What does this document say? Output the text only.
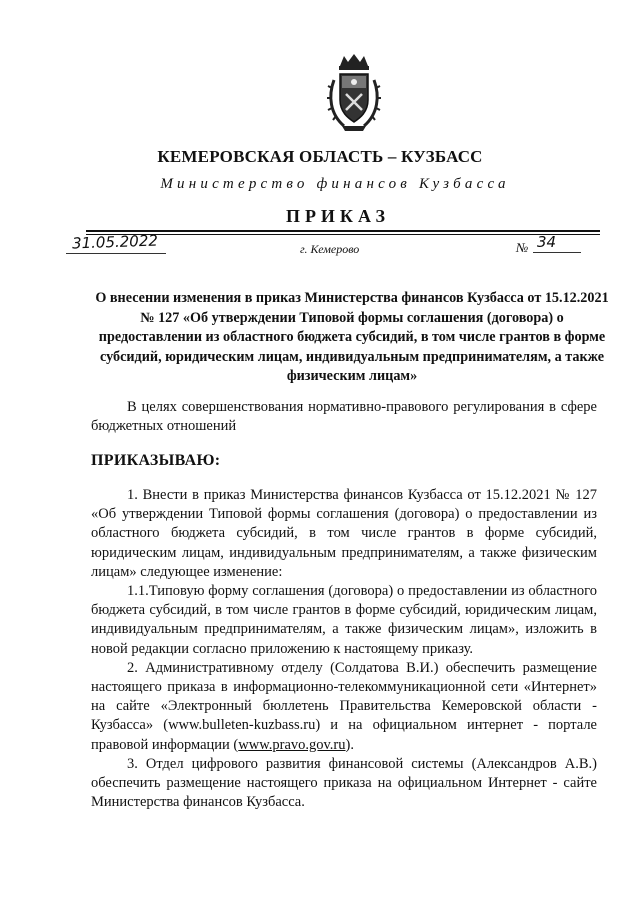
КЕМЕРОВСКАЯ ОБЛАСТЬ – КУЗБАСС
Министерство финансов Кузбасса
ПРИКАЗ
31.05.2022	г. Кемерово	№ 34
О внесении изменения в приказ Министерства финансов Кузбасса от 15.12.2021 № 127 «Об утверждении Типовой формы соглашения (договора) о предоставлении из областного бюджета субсидий, в том числе грантов в форме субсидий, юридическим лицам, индивидуальным предпринимателям, а также физическим лицам»
В целях совершенствования нормативно-правового регулирования в сфере бюджетных отношений
ПРИКАЗЫВАЮ:

1. Внести в приказ Министерства финансов Кузбасса от 15.12.2021 № 127 «Об утверждении Типовой формы соглашения (договора) о предоставлении из областного бюджета субсидий, в том числе грантов в форме субсидий, юридическим лицам, индивидуальным предпринимателям, а также физическим лицам» следующее изменение:

1.1.Типовую форму соглашения (договора) о предоставлении из областного бюджета субсидий, в том числе грантов в форме субсидий, юридическим лицам, индивидуальным предпринимателям, а также физическим лицам», изложить в новой редакции согласно приложению к настоящему приказу.

2. Административному отделу (Солдатова В.И.) обеспечить размещение настоящего приказа в информационно-телекоммуникационной сети «Интернет» на сайте «Электронный бюллетень Правительства Кемеровской области - Кузбасса» (www.bulleten-kuzbass.ru) и на официальном интернет - портале правовой информации (www.pravo.gov.ru).

3. Отдел цифрового развития финансовой системы (Александров А.В.) обеспечить размещение настоящего приказа на официальном Интернет - сайте Министерства финансов Кузбасса.
